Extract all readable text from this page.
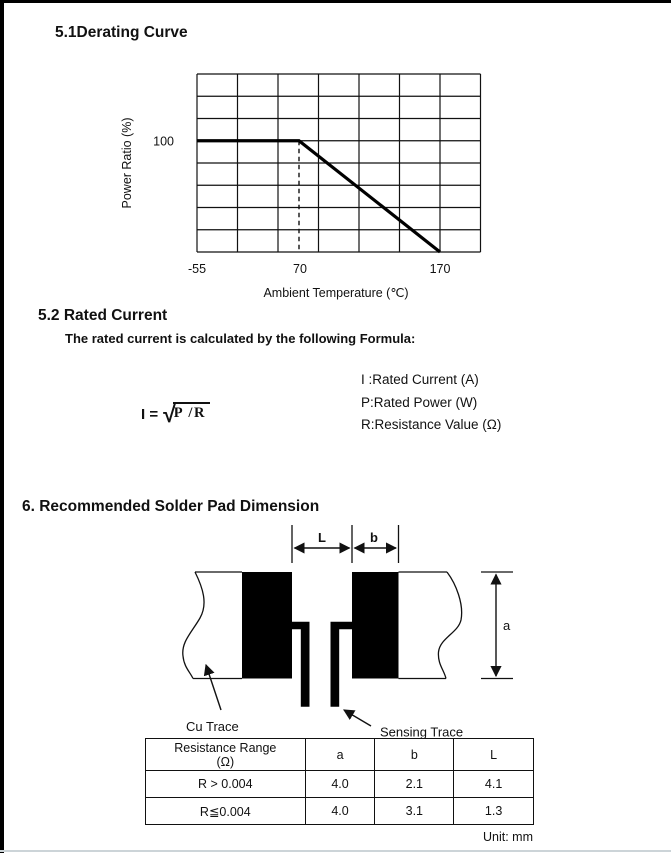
5.1Derating Curve
100
-55	70	170
Ambient Temperature (℃)
Power Ratio (%)
5.2 Rated Current
The rated current is calculated by the following Formula:
I = √P /R
I :Rated Current (A)
P:Rated Power (W)
R:Resistance Value (Ω)
6. Recommended Solder Pad Dimension
L	b
a
Cu Trace	Sensing Trace
Resistance Range
(Ω)	a	b	L
R > 0.004	4.0	2.1	4.1
R≦0.004	4.0	3.1	1.3
Unit: mm
